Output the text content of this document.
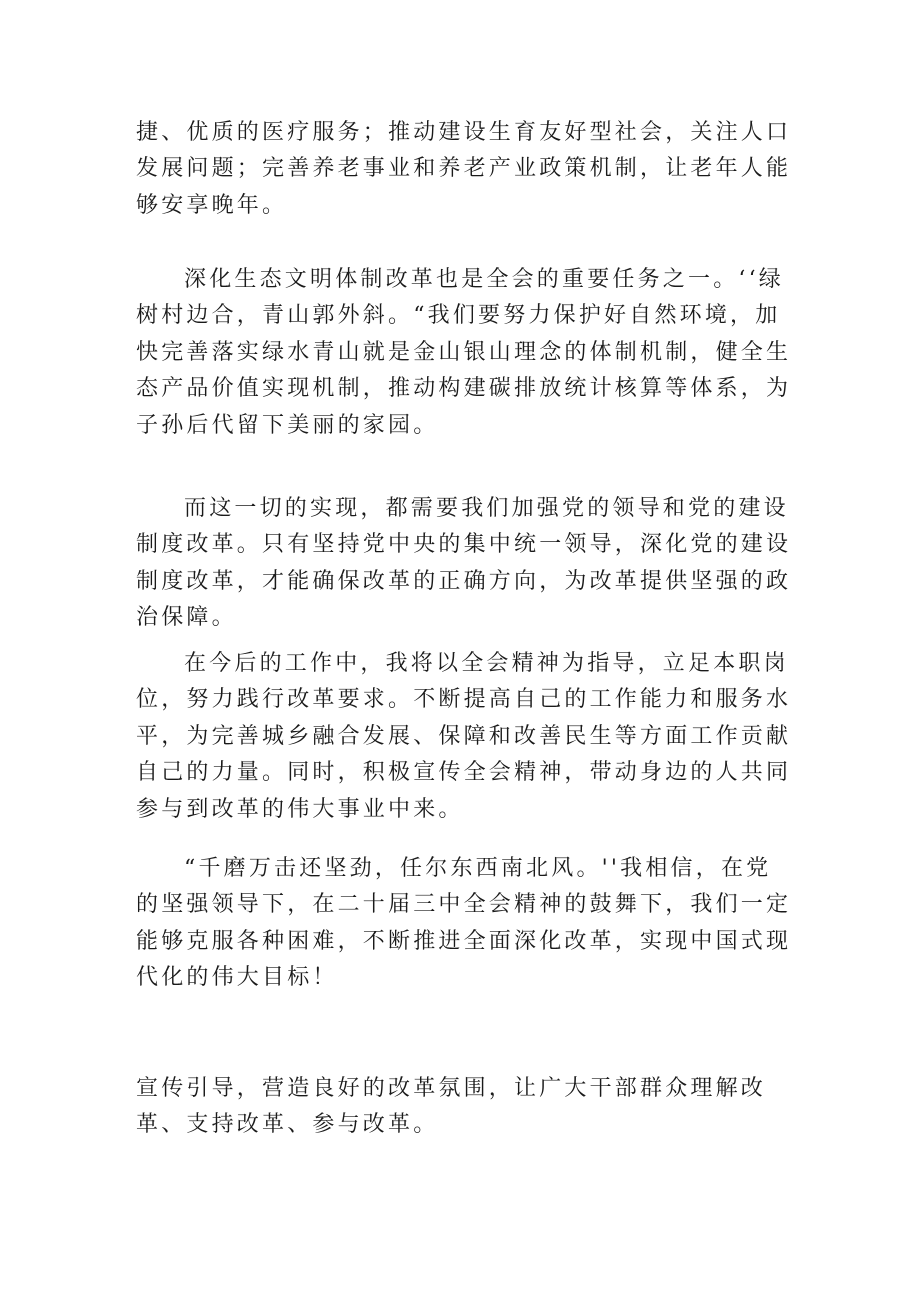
捷、优质的医疗服务；推动建设生育友好型社会，关注人口发展问题；完善养老事业和养老产业政策机制，让老年人能够安享晚年。

深化生态文明体制改革也是全会的重要任务之一。‘‘绿树村边合，青山郭外斜。“我们要努力保护好自然环境，加快完善落实绿水青山就是金山银山理念的体制机制，健全生态产品价值实现机制，推动构建碳排放统计核算等体系，为子孙后代留下美丽的家园。

而这一切的实现，都需要我们加强党的领导和党的建设制度改革。只有坚持党中央的集中统一领导，深化党的建设制度改革，才能确保改革的正确方向，为改革提供坚强的政治保障。

在今后的工作中，我将以全会精神为指导，立足本职岗位，努力践行改革要求。不断提高自己的工作能力和服务水平，为完善城乡融合发展、保障和改善民生等方面工作贡献自己的力量。同时，积极宣传全会精神，带动身边的人共同参与到改革的伟大事业中来。

“千磨万击还坚劲，任尔东西南北风。''我相信，在党的坚强领导下，在二十届三中全会精神的鼓舞下，我们一定能够克服各种困难，不断推进全面深化改革，实现中国式现代化的伟大目标！

宣传引导，营造良好的改革氛围，让广大干部群众理解改革、支持改革、参与改革。
